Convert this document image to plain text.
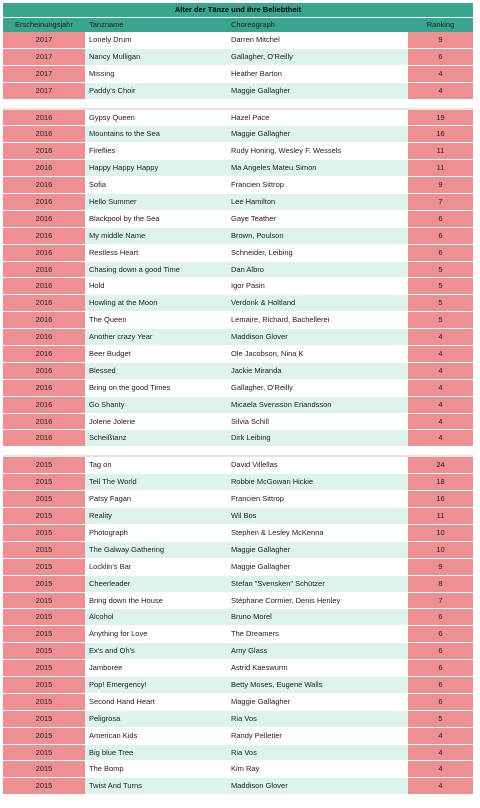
Alter der Tänze und ihre Beliebtheit
Erscheinungsjahr	Tanzname	Choreograph	Ranking
2017	Lonely Drum	Darren Mitchel	9
2017	Nancy Mulligan	Gallagher, O'Reilly	6
2017	Missing	Heather Barton	4
2017	Paddy's Choir	Maggie Gallagher	4
2016	Gypsy Queen	Hazel Pace	19
2016	Mountains to the Sea	Maggie Gallagher	16
2016	Fireflies	Rudy Honing, Wesley F. Wessels	11
2016	Happy Happy Happy	Ma Angeles Mateu Simon	11
2016	Sofia	Francien Sittrop	9
2016	Hello Summer	Lee Hamilton	7
2016	Blackpool by the Sea	Gaye Teather	6
2016	My middle Name	Brown, Poulson	6
2016	Restless Heart	Schneider, Leibing	6
2016	Chasing down a good Time	Dan Albro	5
2016	Hold	Igor Pasin	5
2016	Howling at the Moon	Verdonk & Holtland	5
2016	The Queen	Lemaire, Richard, Bachellerei	5
2016	Another crazy Year	Maddison Glover	4
2016	Beer Budget	Ole Jacobson, Nina K	4
2016	Blessed	Jackie Miranda	4
2016	Bring on the good Times	Gallagher, O'Reilly	4
2016	Go Shanty	Micaela Svensson Eriandsson	4
2016	Jolene Jolene	Silvia Schill	4
2016	Scheißtanz	Dirk Leibing	4
2015	Tag on	David Villellas	24
2015	Tell The World	Robbie McGowan Hickie	18
2015	Patsy Fagan	Francien Sittrop	16
2015	Reality	Wil Bos	11
2015	Photograph	Stephen & Lesley McKenna	10
2015	The Galway Gathering	Maggie Gallagher	10
2015	Locklin's Bar	Maggie Gallagher	9
2015	Cheerleader	Stefan "Svensken" Schützer	8
2015	Bring down the House	Stéphane Cormier, Denis Henley	7
2015	Alcohol	Bruno Morel	6
2015	Anything for Love	The Dreamers	6
2015	Ex's and Oh's	Amy Glass	6
2015	Jamboree	Astrid Kaeswurm	6
2015	Pop! Emergency!	Betty Moses, Eugene Walls	6
2015	Second Hand Heart	Maggie Gallagher	6
2015	Peligrosa	Ria Vos	5
2015	American Kids	Randy Pelletier	4
2015	Big blue Tree	Ria Vos	4
2015	The Bomp	Kim Ray	4
2015	Twist And Turns	Maddison Glover	4
